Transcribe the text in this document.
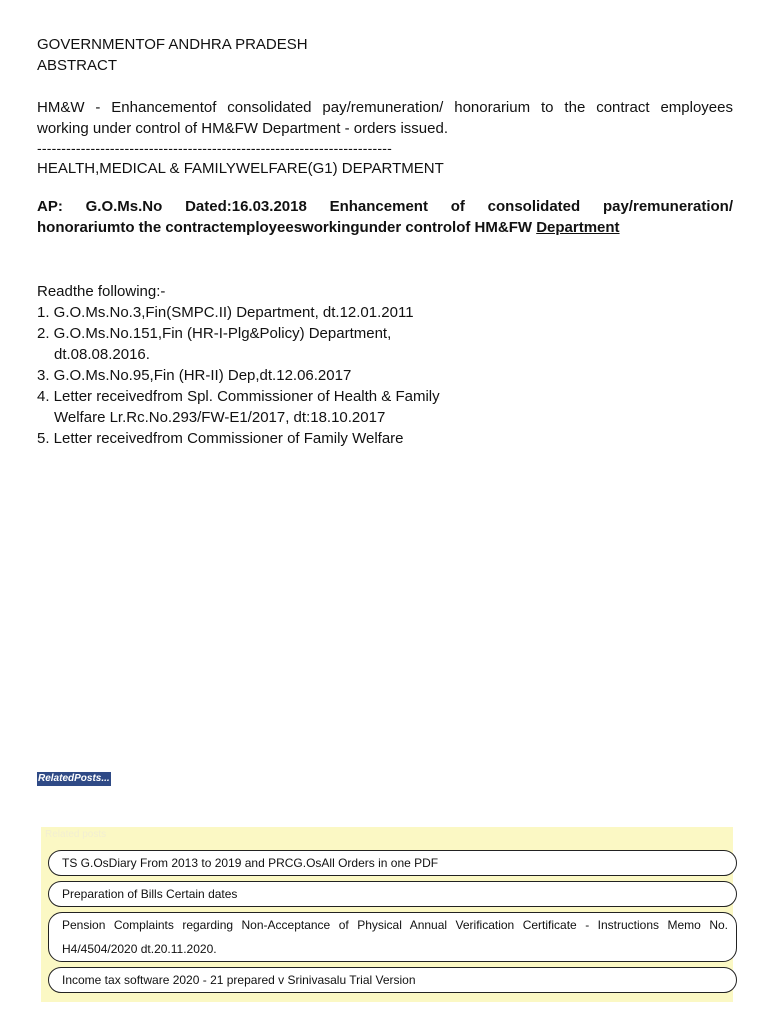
GOVERNMENTOF ANDHRA PRADESH
ABSTRACT
HM&W - Enhancementof consolidated pay/remuneration/ honorarium to the contract employees
working under control of HM&FW Department - orders issued.
-------------------------------------------------------------------------
HEALTH,MEDICAL & FAMILYWELFARE(G1) DEPARTMENT
AP: G.O.Ms.No Dated:16.03.2018 Enhancement of consolidated pay/remuneration/
honorariumto the contractemployeesworkingunder controlof HM&FW Department
Readthe following:-
1. G.O.Ms.No.3,Fin(SMPC.II) Department, dt.12.01.2011
2. G.O.Ms.No.151,Fin (HR-I-Plg&Policy) Department,
dt.08.08.2016.
3. G.O.Ms.No.95,Fin (HR-II) Dep,dt.12.06.2017
4. Letter receivedfrom Spl. Commissioner of Health & Family
Welfare Lr.Rc.No.293/FW-E1/2017, dt:18.10.2017
5. Letter receivedfrom Commissioner of Family Welfare
RelatedPosts...
Related posts
TS G.OsDiary From 2013 to 2019 and PRCG.OsAll Orders in one PDF
Preparation of Bills Certain dates
Pension Complaints regarding Non-Acceptance of Physical Annual Verification Certificate - Instructions Memo No. H4/4504/2020 dt.20.11.2020.
Income tax software 2020 - 21 prepared v Srinivasalu Trial Version
